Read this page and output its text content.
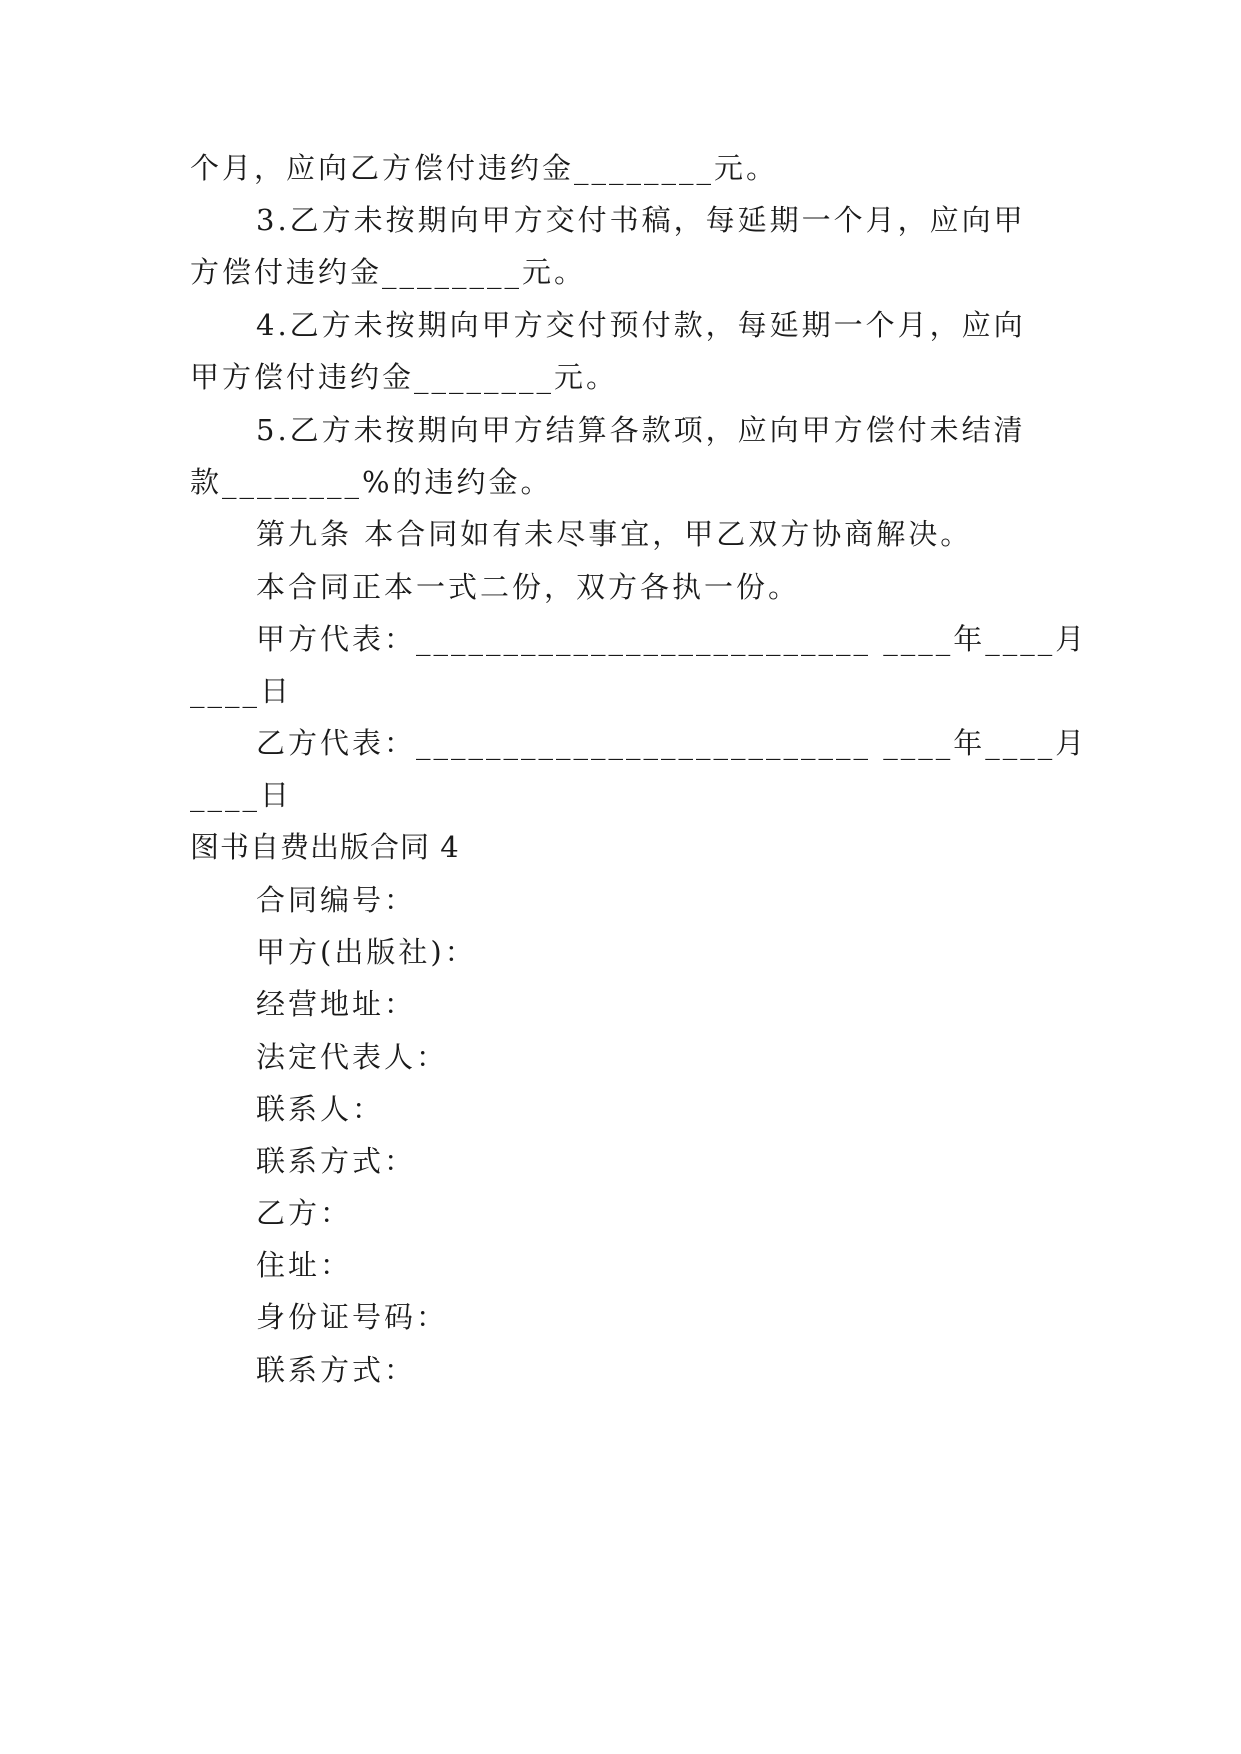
个月，应向乙方偿付违约金________元。
3.乙方未按期向甲方交付书稿，每延期一个月，应向甲
方偿付违约金________元。
4.乙方未按期向甲方交付预付款，每延期一个月，应向
甲方偿付违约金________元。
5.乙方未按期向甲方结算各款项，应向甲方偿付未结清
款________%的违约金。
第九条 本合同如有未尽事宜，甲乙双方协商解决。
本合同正本一式二份，双方各执一份。
甲方代表：__________________________ ____年____月
____日
乙方代表：__________________________ ____年____月
____日
图书自费出版合同 4
合同编号：
甲方(出版社)：
经营地址：
法定代表人：
联系人：
联系方式：
乙方：
住址：
身份证号码：
联系方式：
